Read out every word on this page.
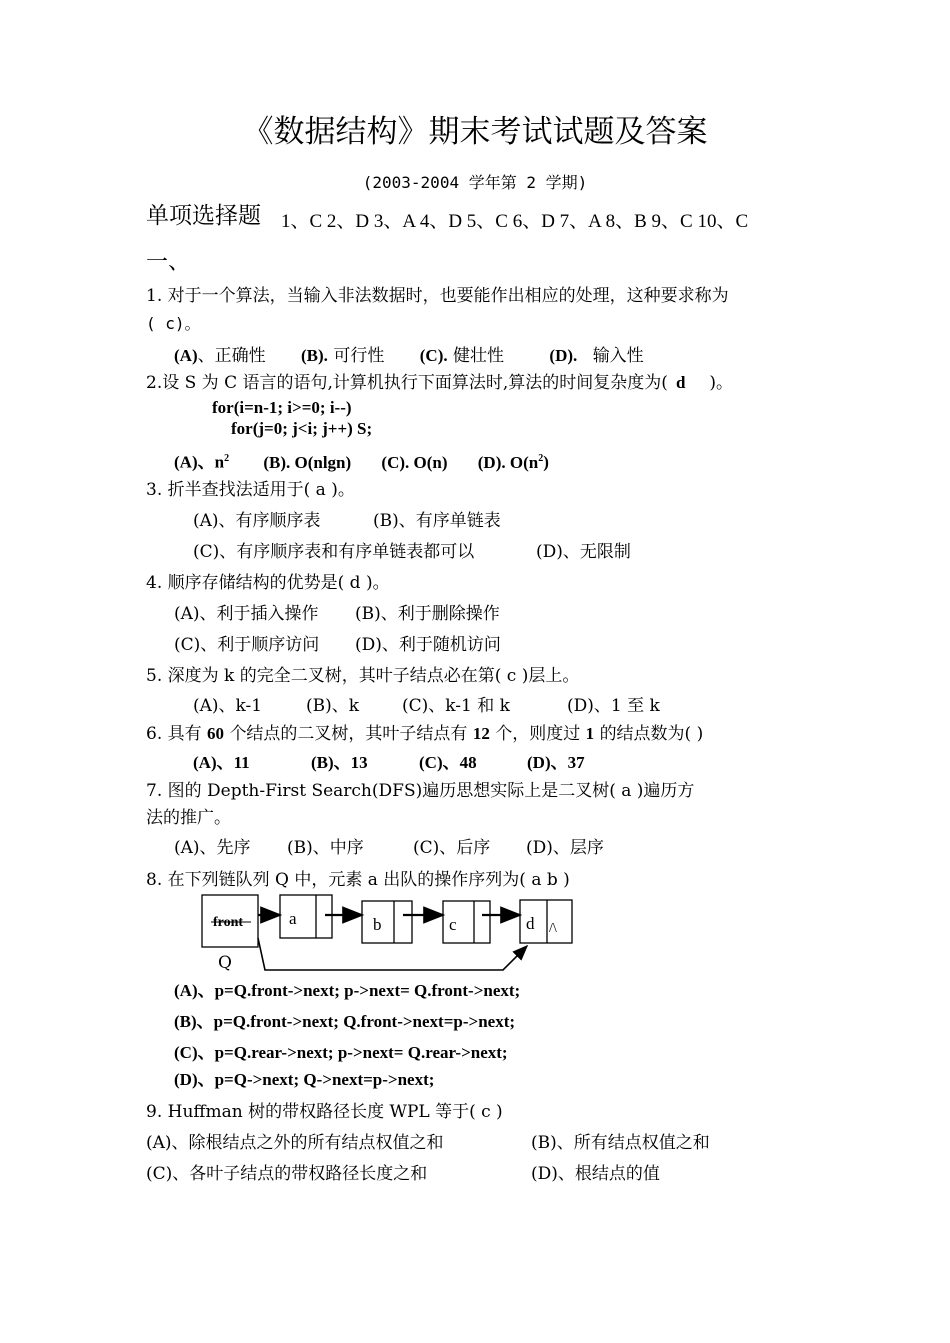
《数据结构》期末考试试题及答案
(2003-2004 学年第 2 学期)
单项选择题 1、C 2、D 3、A 4、D 5、C 6、D 7、A 8、B 9、C 10、C
一、
1. 对于一个算法，当输入非法数据时，也要能作出相应的处理，这种要求称为
( c)。
(A)、正确性 (B). 可行性 (C). 健壮性	(D). 输入性
2.设 S 为 C 语言的语句,计算机执行下面算法时,算法的时间复杂度为( d )。
for(i=n-1; i>=0; i--)
for(j=0; j<i; j++) S;
(A)、$n^2$ (B). O(nlgn) (C). O(n) (D). $O(n^2)$
3. 折半查找法适用于( a )。
(A)、有序顺序表	(B)、有序单链表
(C)、有序顺序表和有序单链表都可以	(D)、无限制
4. 顺序存储结构的优势是( d )。
(A)、利于插入操作 (B)、利于删除操作
(C)、利于顺序访问 (D)、利于随机访问
5. 深度为 k 的完全二叉树，其叶子结点必在第( c )层上。
(A)、k-1	(B)、k	(C)、k-1 和 k	(D)、1 至 k
6. 具有 60 个结点的二叉树，其叶子结点有 12 个，则度过 1 的结点数为( )
(A)、11	(B)、13	(C)、48	(D)、37
7. 图的 Depth-First Search(DFS)遍历思想实际上是二叉树( a )遍历方
法的推广。
(A)、先序 (B)、中序	(C)、后序 (D)、层序
8. 在下列链队列 Q 中，元素 a 出队的操作序列为( a b )
front	a	b	c	d /\
Q
(A)、p=Q.front->next; p->next= Q.front->next;
(B)、p=Q.front->next; Q.front->next=p->next;
(C)、p=Q.rear->next; p->next= Q.rear->next;
(D)、p=Q->next; Q->next=p->next;
9. Huffman 树的带权路径长度 WPL 等于( c )
(A)、除根结点之外的所有结点权值之和	(B)、所有结点权值之和
(C)、各叶子结点的带权路径长度之和	(D)、根结点的值
